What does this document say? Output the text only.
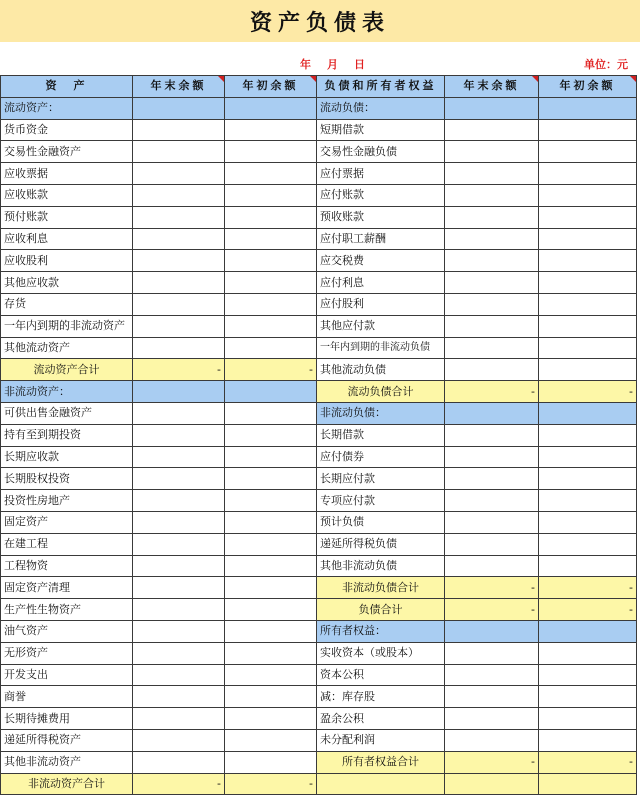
资产负债表
年 月 日	单位：元
资　产	年末余额	年初余额	负债和所有者权益	年末余额	年初余额
流动资产：			流动负债：		
货币资金			短期借款		
交易性金融资产			交易性金融负债		
应收票据			应付票据		
应收账款			应付账款		
预付账款			预收账款		
应收利息			应付职工薪酬		
应收股利			应交税费		
其他应收款			应付利息		
存货			应付股利		
一年内到期的非流动资产			其他应付款		
其他流动资产			一年内到期的非流动负债		
流动资产合计	-	-	其他流动负债		
非流动资产：			流动负债合计	-	-
可供出售金融资产			非流动负债：		
持有至到期投资			长期借款		
长期应收款			应付债券		
长期股权投资			长期应付款		
投资性房地产			专项应付款		
固定资产			预计负债		
在建工程			递延所得税负债		
工程物资			其他非流动负债		
固定资产清理			非流动负债合计	-	-
生产性生物资产			负债合计	-	-
油气资产			所有者权益：		
无形资产			实收资本（或股本）		
开发支出			资本公积		
商誉			减：库存股		
长期待摊费用			盈余公积		
递延所得税资产			未分配利润		
其他非流动资产			所有者权益合计	-	-
非流动资产合计	-	-			
